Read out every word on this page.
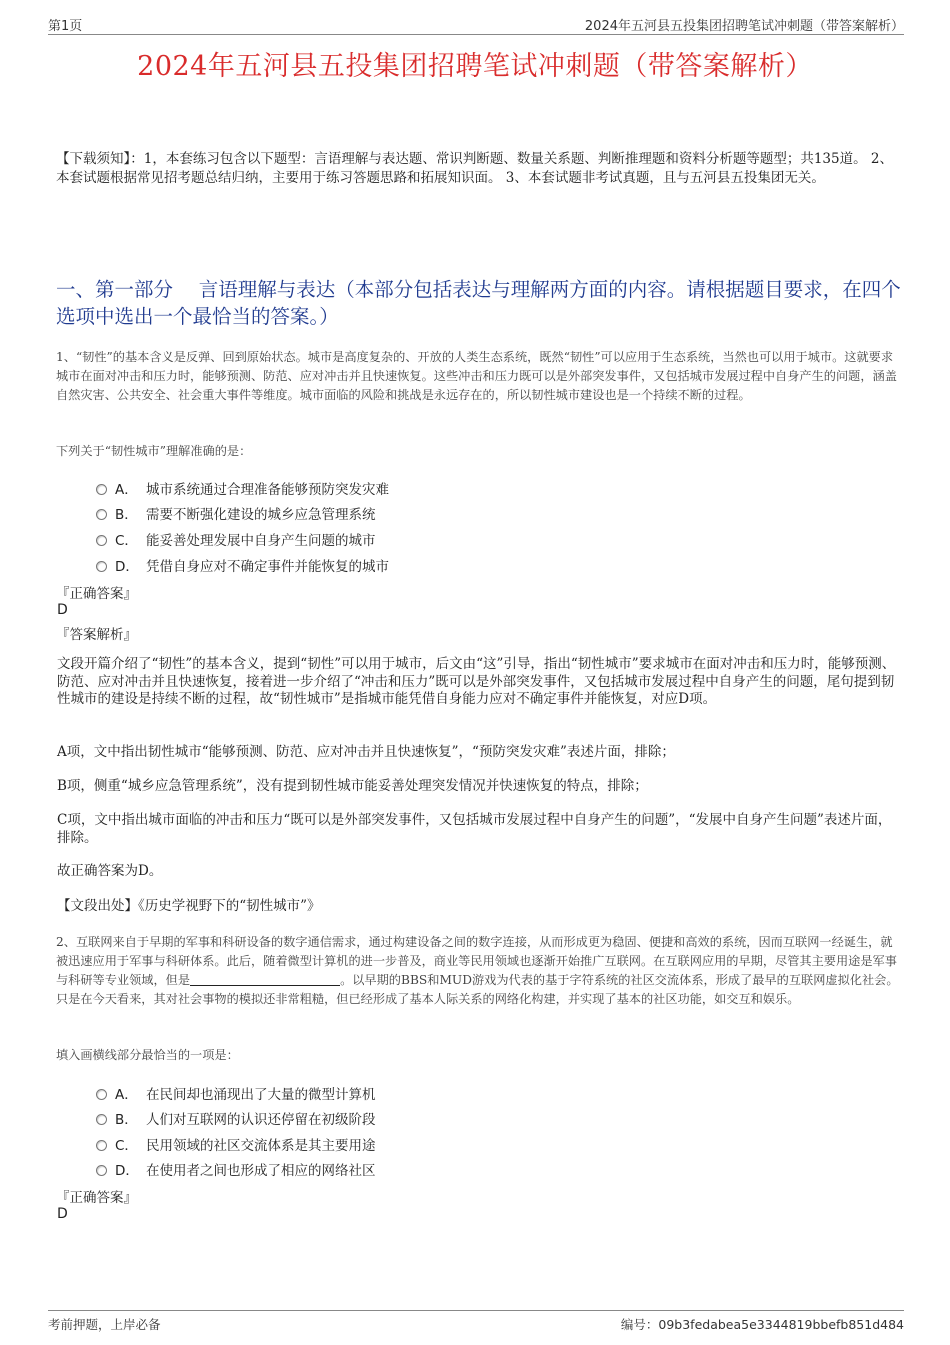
第1页	2024年五河县五投集团招聘笔试冲刺题（带答案解析）
2024年五河县五投集团招聘笔试冲刺题（带答案解析）
【下载须知】：1，本套练习包含以下题型：言语理解与表达题、常识判断题、数量关系题、判断推理题和资料分析题等题型；共135道。 2、本套试题根据常见招考题总结归纳，主要用于练习答题思路和拓展知识面。 3、本套试题非考试真题，且与五河县五投集团无关。
一、第一部分　 言语理解与表达（本部分包括表达与理解两方面的内容。请根据题目要求，在四个选项中选出一个最恰当的答案。）
1、“韧性”的基本含义是反弹、回到原始状态。城市是高度复杂的、开放的人类生态系统，既然“韧性”可以应用于生态系统，当然也可以用于城市。这就要求城市在面对冲击和压力时，能够预测、防范、应对冲击并且快速恢复。这些冲击和压力既可以是外部突发事件，又包括城市发展过程中自身产生的问题，涵盖自然灾害、公共安全、社会重大事件等维度。城市面临的风险和挑战是永远存在的，所以韧性城市建设也是一个持续不断的过程。
下列关于“韧性城市”理解准确的是：
A． 城市系统通过合理准备能够预防突发灾难
B． 需要不断强化建设的城乡应急管理系统
C． 能妥善处理发展中自身产生问题的城市
D． 凭借自身应对不确定事件并能恢复的城市
『正确答案』
D
『答案解析』
文段开篇介绍了“韧性”的基本含义，提到“韧性”可以用于城市，后文由“这”引导，指出“韧性城市”要求城市在面对冲击和压力时，能够预测、防范、应对冲击并且快速恢复，接着进一步介绍了“冲击和压力”既可以是外部突发事件，又包括城市发展过程中自身产生的问题，尾句提到韧性城市的建设是持续不断的过程，故“韧性城市”是指城市能凭借自身能力应对不确定事件并能恢复，对应D项。
A项，文中指出韧性城市“能够预测、防范、应对冲击并且快速恢复”，“预防突发灾难”表述片面，排除；
B项，侧重“城乡应急管理系统”，没有提到韧性城市能妥善处理突发情况并快速恢复的特点，排除；
C项，文中指出城市面临的冲击和压力“既可以是外部突发事件，又包括城市发展过程中自身产生的问题”，“发展中自身产生问题”表述片面，排除。
故正确答案为D。
【文段出处】《历史学视野下的“韧性城市”》
2、互联网来自于早期的军事和科研设备的数字通信需求，通过构建设备之间的数字连接，从而形成更为稳固、便捷和高效的系统，因而互联网一经诞生，就被迅速应用于军事与科研体系。此后，随着微型计算机的进一步普及，商业等民用领域也逐渐开始推广互联网。在互联网应用的早期，尽管其主要用途是军事与科研等专业领域，但是	。以早期的BBS和MUD游戏为代表的基于字符系统的社区交流体系，形成了最早的互联网虚拟化社会。只是在今天看来，其对社会事物的模拟还非常粗糙，但已经形成了基本人际关系的网络化构建，并实现了基本的社区功能，如交互和娱乐。
填入画横线部分最恰当的一项是：
A． 在民间却也涌现出了大量的微型计算机
B． 人们对互联网的认识还停留在初级阶段
C． 民用领域的社区交流体系是其主要用途
D． 在使用者之间也形成了相应的网络社区
『正确答案』
D
考前押题，上岸必备	编号：09b3fedabea5e3344819bbefb851d484
